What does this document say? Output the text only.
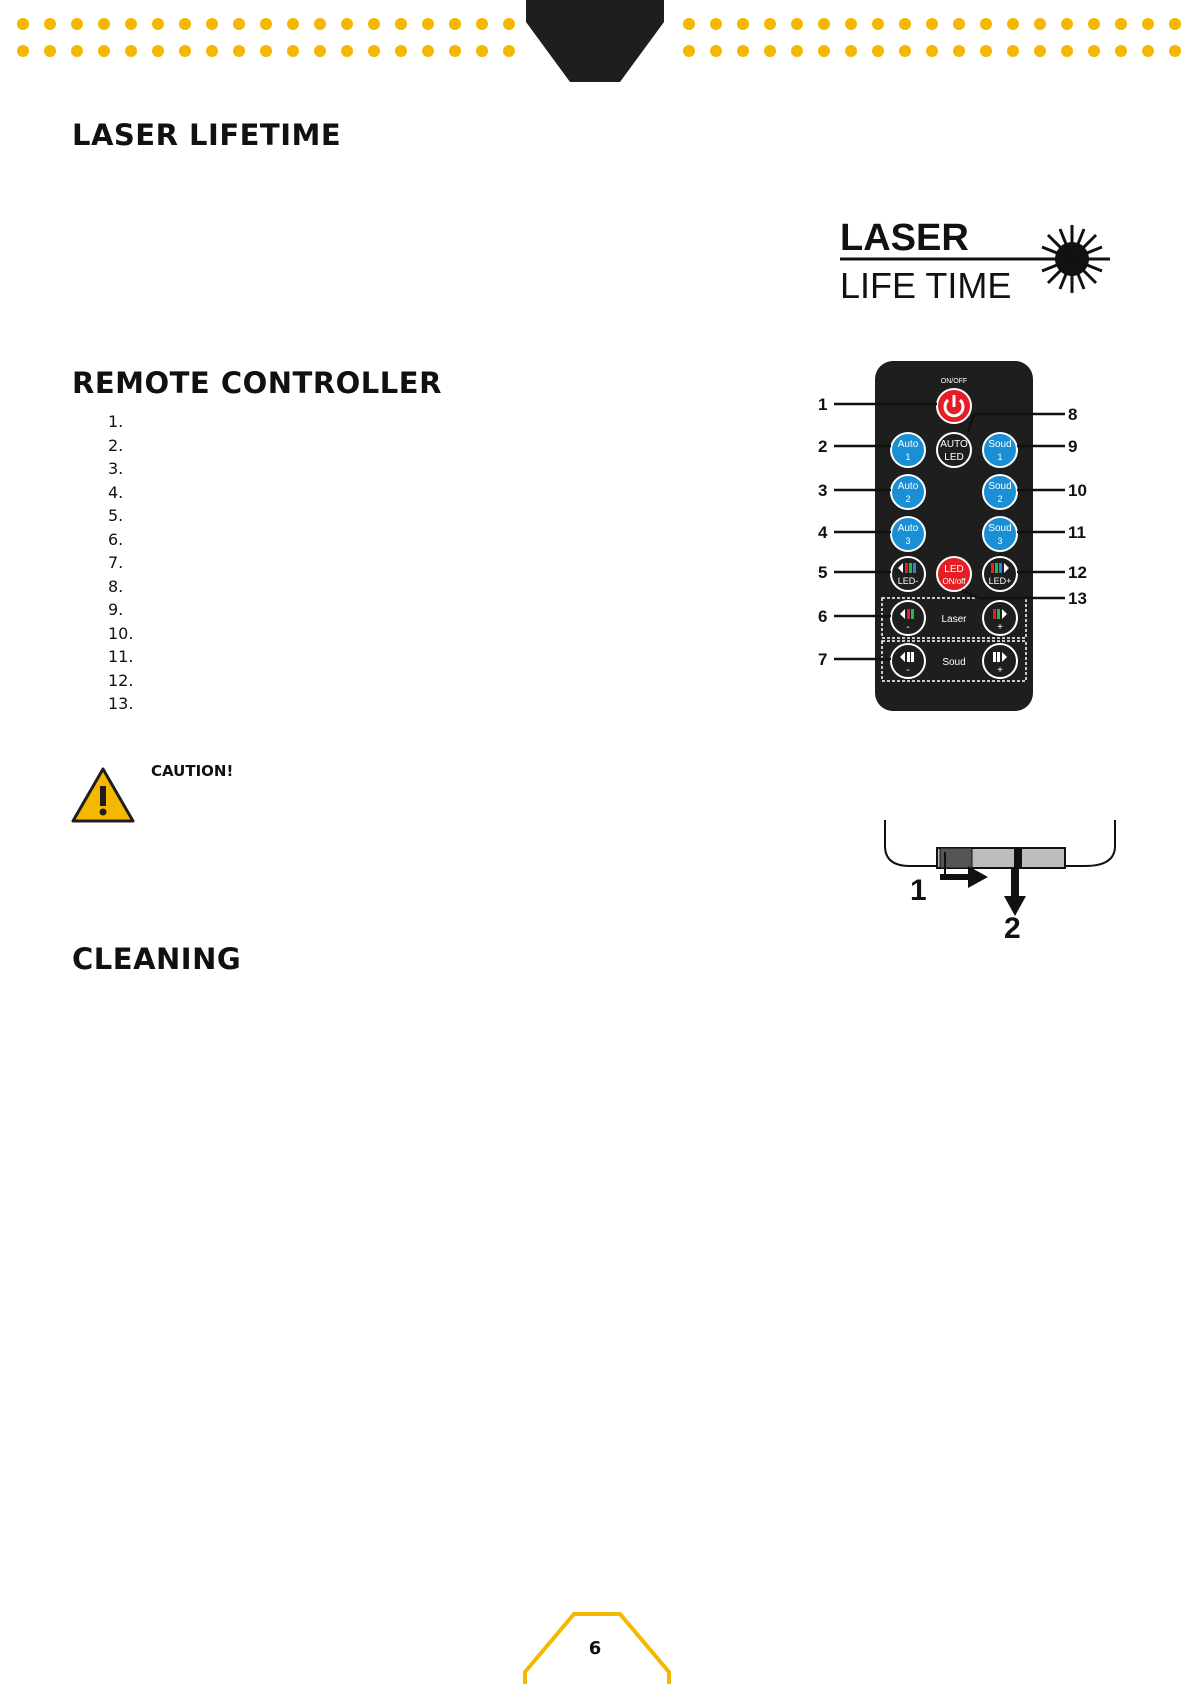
LASER LIFETIME
REMOTE CONTROLLER
CLEANING
LASER
LIFE TIME
1.
2.
3.
4.
5.
6.
7.
8.
9.
10.
11.
12.
13.
ON/OFF
AUTO
LED
Auto
1
Auto
2
Auto
3
Soud
1
Soud
2
Soud
3
LED-
LED
ON/off	LED+
-
Laser
+
-
Soud
+
1
2
3
4
5
6
7
8
9
10
11
12
13
CAUTION!
1
2
6
